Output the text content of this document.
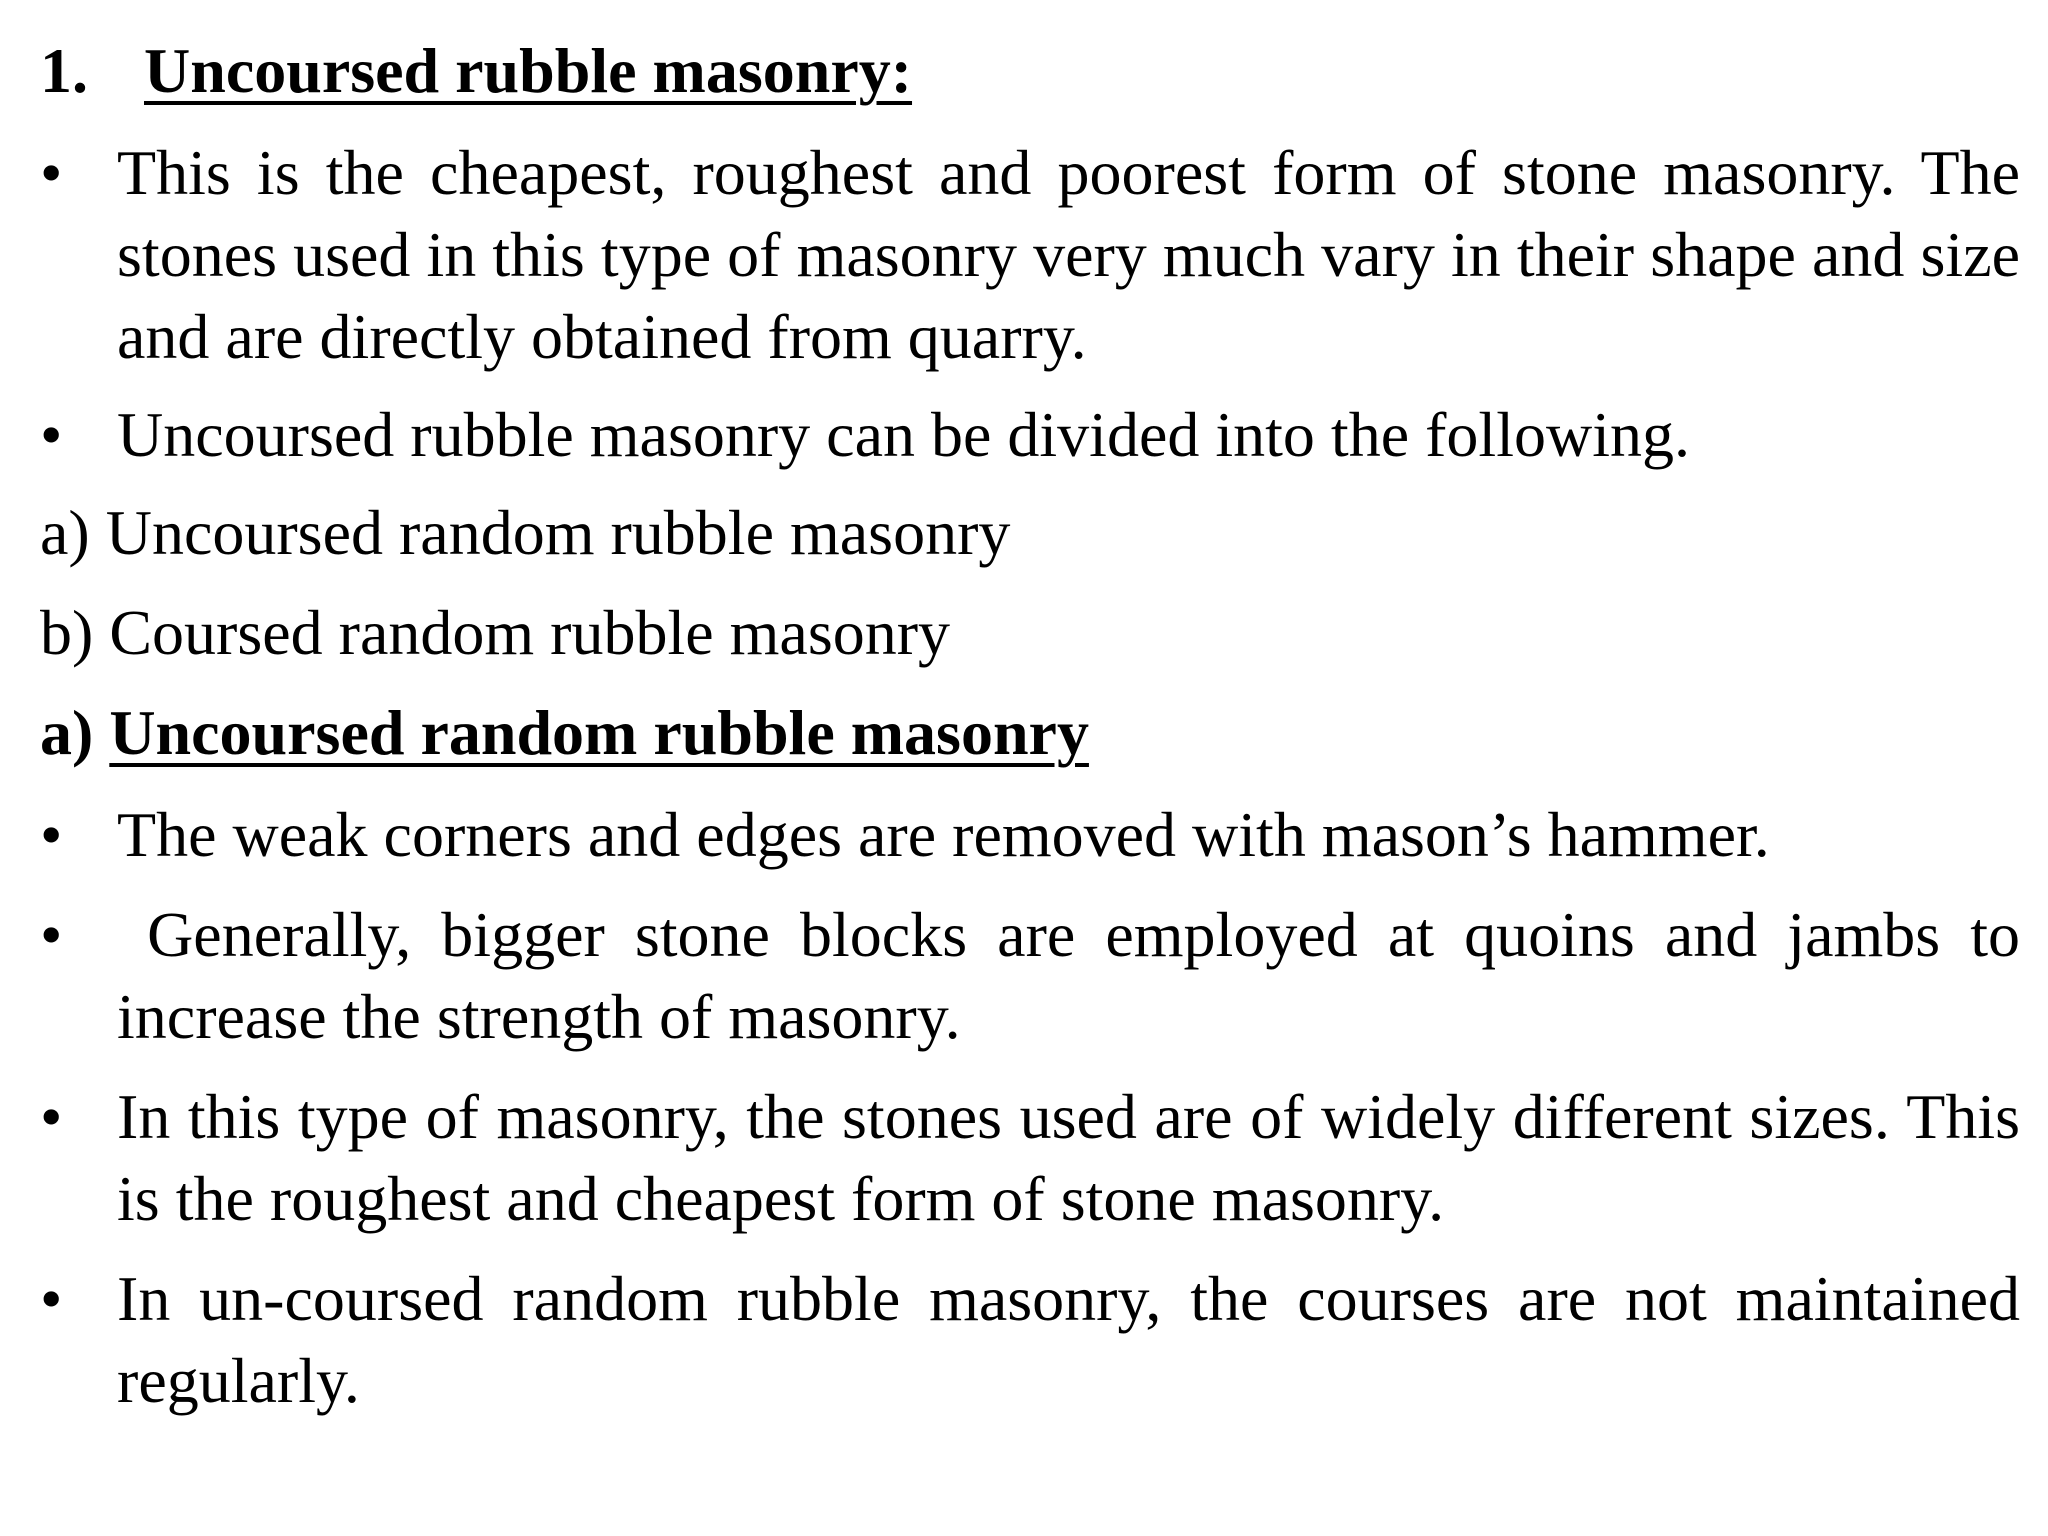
1. Uncoursed rubble masonry:
• This is the cheapest, roughest and poorest form of stone masonry. The stones used in this type of masonry very much vary in their shape and size and are directly obtained from quarry.
• Uncoursed rubble masonry can be divided into the following.
a) Uncoursed random rubble masonry
b) Coursed random rubble masonry
a) Uncoursed random rubble masonry
• The weak corners and edges are removed with mason’s hammer.
• Generally, bigger stone blocks are employed at quoins and jambs to increase the strength of masonry.
• In this type of masonry, the stones used are of widely different sizes. This is the roughest and cheapest form of stone masonry.
• In un-coursed random rubble masonry, the courses are not maintained regularly.
